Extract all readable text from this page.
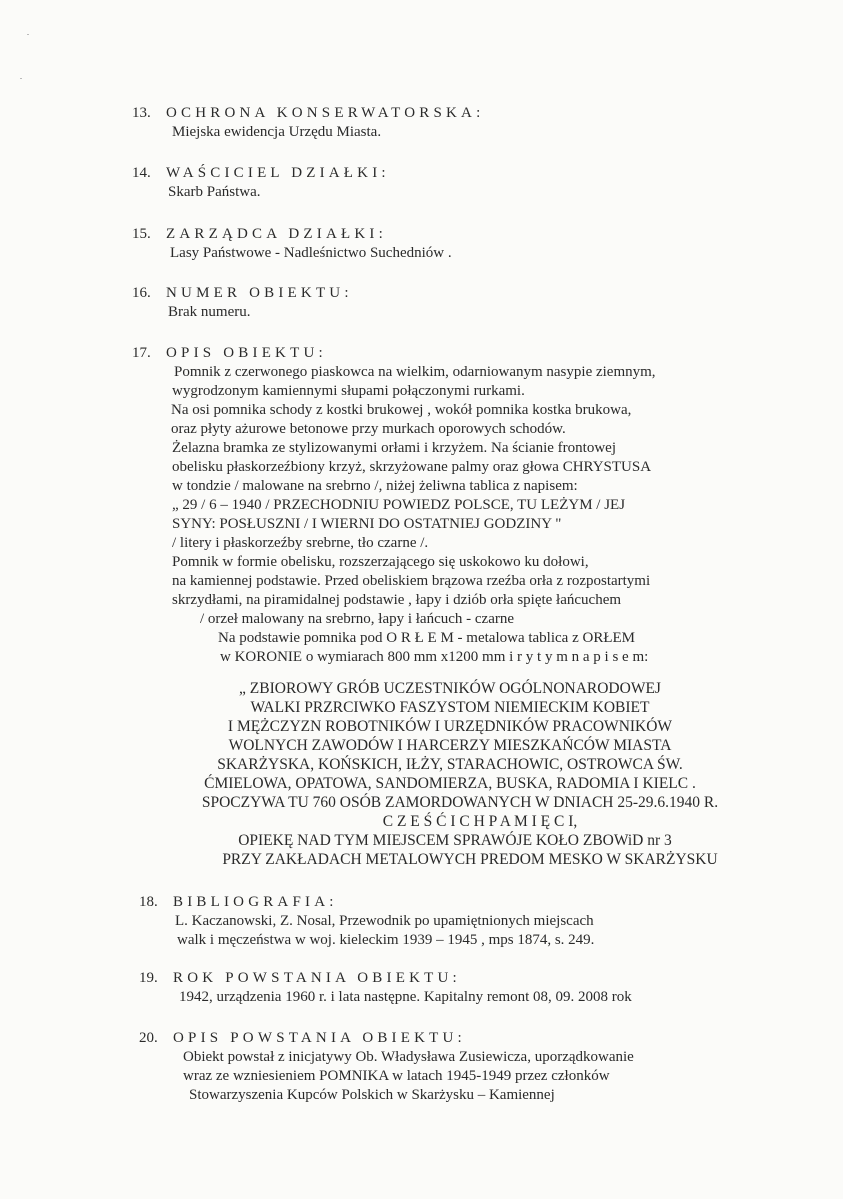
13. OCHRONA KONSERWATORSKA:
Miejska ewidencja Urzędu Miasta.
14. WAŚCICIEL DZIAŁKI:
Skarb Państwa.
15. ZARZĄDCA DZIAŁKI:
Lasy Państwowe - Nadleśnictwo Suchedniów .
16. NUMER OBIEKTU:
Brak numeru.
17. OPIS OBIEKTU:
Pomnik z czerwonego piaskowca na wielkim, odarniowanym nasypie ziemnym,
wygrodzonym kamiennymi słupami połączonymi rurkami.
Na osi pomnika schody z kostki brukowej , wokół pomnika kostka brukowa,
oraz płyty ażurowe betonowe przy murkach oporowych schodów.
Żelazna bramka ze stylizowanymi orłami i krzyżem. Na ścianie frontowej
obelisku płaskorzeźbiony krzyż, skrzyżowane palmy oraz głowa CHRYSTUSA
w tondzie / malowane na srebrno /, niżej żeliwna tablica z napisem:
„ 29 / 6 – 1940 / PRZECHODNIU POWIEDZ POLSCE, TU LEŻYM / JEJ
SYNY: POSŁUSZNI / I WIERNI DO OSTATNIEJ GODZINY "
/ litery i płaskorzeźby srebrne, tło czarne /.
Pomnik w formie obelisku, rozszerzającego się uskokowo ku dołowi,
na kamiennej podstawie. Przed obeliskiem brązowa rzeźba orła z rozpostartymi
skrzydłami, na piramidalnej podstawie , łapy i dziób orła spięte łańcuchem
/ orzeł malowany na srebrno, łapy i łańcuch - czarne
Na podstawie pomnika pod O R Ł E M - metalowa tablica z ORŁEM
w KORONIE o wymiarach 800 mm x1200 mm i r y t y m n a p i s e m:
„ ZBIOROWY GRÓB UCZESTNIKÓW OGÓLNONARODOWEJ
WALKI PRZRCIWKO FASZYSTOM NIEMIECKIM KOBIET
I MĘŻCZYZN ROBOTNIKÓW I URZĘDNIKÓW PRACOWNIKÓW
WOLNYCH ZAWODÓW I HARCERZY MIESZKAŃCÓW MIASTA
SKARŻYSKA, KOŃSKICH, IŁŻY, STARACHOWIC, OSTROWCA ŚW.
ĆMIELOWA, OPATOWA, SANDOMIERZA, BUSKA, RADOMIA I KIELC .
SPOCZYWA TU 760 OSÓB ZAMORDOWANYCH W DNIACH 25-29.6.1940 R.
C Z E Ś Ć I C H P A M I Ę C I,
OPIEKĘ NAD TYM MIEJSCEM SPRAWÓJE KOŁO ZBOWiD nr 3
PRZY ZAKŁADACH METALOWYCH PREDOM MESKO W SKARŻYSKU
18. BIBLIOGRAFIA:
L. Kaczanowski, Z. Nosal, Przewodnik po upamiętnionych miejscach
walk i męczeństwa w woj. kieleckim 1939 – 1945 , mps 1874, s. 249.
19. ROK POWSTANIA OBIEKTU:
1942, urządzenia 1960 r. i lata następne. Kapitalny remont 08, 09. 2008 rok
20. OPIS POWSTANIA OBIEKTU:
Obiekt powstał z inicjatywy Ob. Władysława Zusiewicza, uporządkowanie
wraz ze wzniesieniem POMNIKA w latach 1945-1949 przez członków
Stowarzyszenia Kupców Polskich w Skarżysku – Kamiennej
